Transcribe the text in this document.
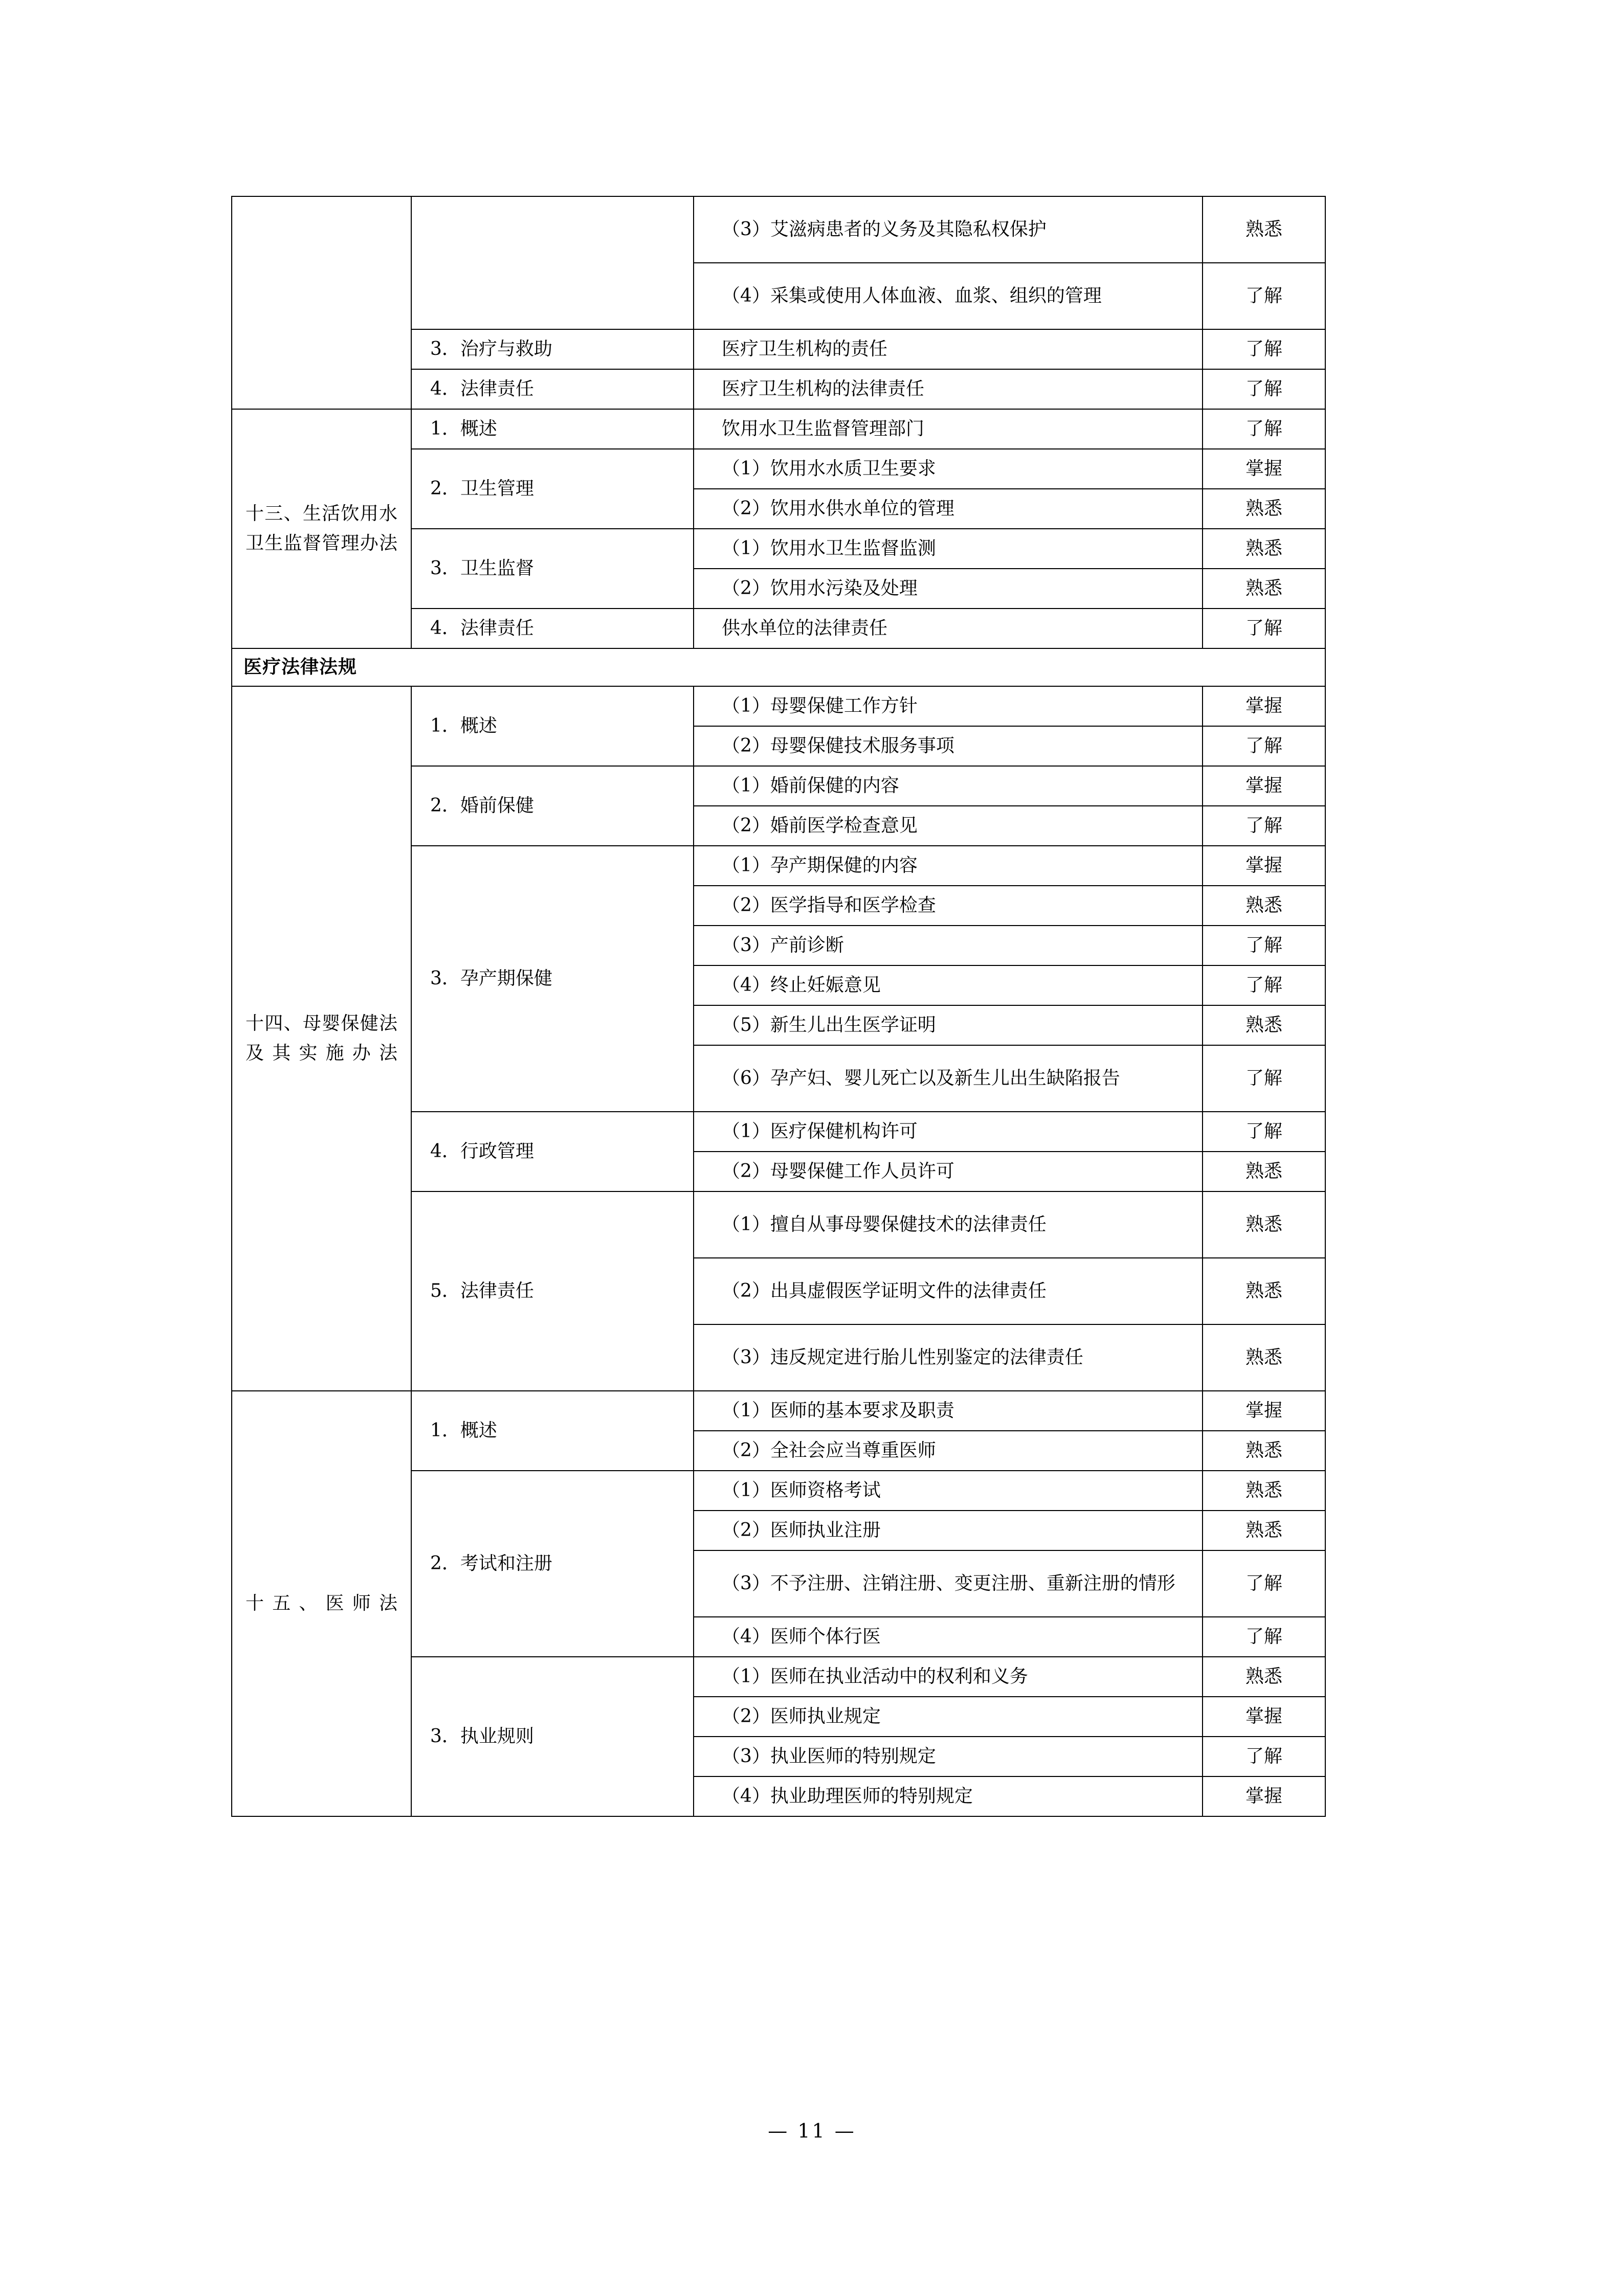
		（3）艾滋病患者的义务及其隐私权保护	熟悉
		（4）采集或使用人体血液、血浆、组织的管理	了解
	3．治疗与救助	医疗卫生机构的责任	了解
	4．法律责任	医疗卫生机构的法律责任	了解

十三、生活饮用水卫生监督管理办法	1．概述	饮用水卫生监督管理部门	了解
	2．卫生管理	（1）饮用水水质卫生要求	掌握
		（2）饮用水供水单位的管理	熟悉
	3．卫生监督	（1）饮用水卫生监督监测	熟悉
		（2）饮用水污染及处理	熟悉
	4．法律责任	供水单位的法律责任	了解
医疗法律法规			

十四、母婴保健法及其实施办法	1．概述	（1）母婴保健工作方针	掌握
		（2）母婴保健技术服务事项	了解
	2．婚前保健	（1）婚前保健的内容	掌握
		（2）婚前医学检查意见	了解
	3．孕产期保健	（1）孕产期保健的内容	掌握
		（2）医学指导和医学检查	熟悉
		（3）产前诊断	了解
		（4）终止妊娠意见	了解
		（5）新生儿出生医学证明	熟悉
		（6）孕产妇、婴儿死亡以及新生儿出生缺陷报告	了解
	4．行政管理	（1）医疗保健机构许可	了解
		（2）母婴保健工作人员许可	熟悉
	5．法律责任	（1）擅自从事母婴保健技术的法律责任	熟悉
		（2）出具虚假医学证明文件的法律责任	熟悉
		（3）违反规定进行胎儿性别鉴定的法律责任	熟悉

十五、医师法	1．概述	（1）医师的基本要求及职责	掌握
		（2）全社会应当尊重医师	熟悉
	2．考试和注册	（1）医师资格考试	熟悉
		（2）医师执业注册	熟悉
		（3）不予注册、注销注册、变更注册、重新注册的情形	了解
		（4）医师个体行医	了解
	3．执业规则	（1）医师在执业活动中的权利和义务	熟悉
		（2）医师执业规定	掌握
		（3）执业医师的特别规定	了解
		（4）执业助理医师的特别规定	掌握
— 11 —
